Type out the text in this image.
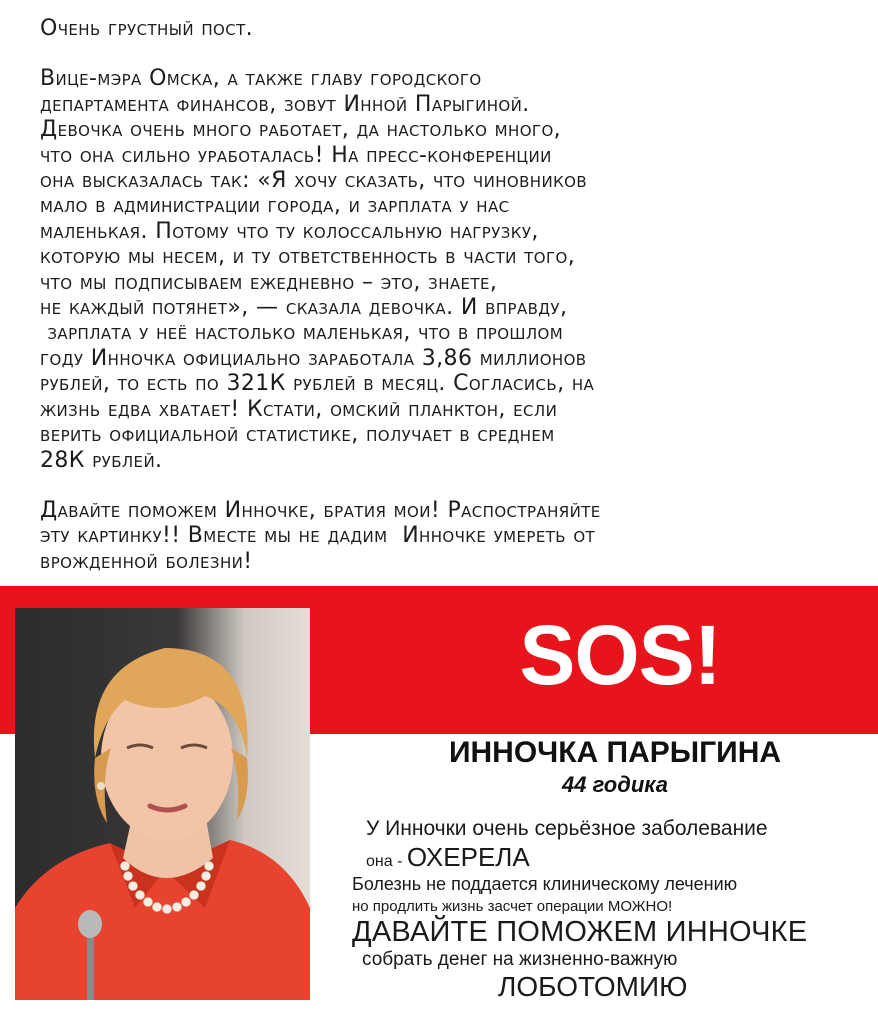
Очень грустный пост.
Вице-мэра Омска, а также главу городского
департамента финансов, зовут Инной Парыгиной.
Девочка очень много работает, да настолько много,
что она сильно уработалась! На пресс-конференции
она высказалась так: «Я хочу сказать, что чиновников
мало в администрации города, и зарплата у нас
маленькая. Потому что ту колоссальную нагрузку,
которую мы несем, и ту ответственность в части того,
что мы подписываем ежедневно – это, знаете,
не каждый потянет», — сказала девочка. И вправду,
зарплата у неё настолько маленькая, что в прошлом
году Инночка официально заработала 3,86 миллионов
рублей, то есть по 321К рублей в месяц. Согласись, на
жизнь едва хватает! Кстати, омский планктон, если
верить официальной статистике, получает в среднем
28К рублей.
Давайте поможем Инночке, братия мои! Распостраняйте
эту картинку!! Вместе мы не дадим  Инночке умереть от
врожденной болезни!
SOS!
ИННОЧКА ПАРЫГИНА
44 годика
У Инночки очень серьёзное заболевание
она - ОХЕРЕЛА
Болезнь не поддается клиническому лечению
но продлить жизнь засчет операции МОЖНО!
ДАВАЙТЕ ПОМОЖЕМ ИННОЧКЕ
собрать денег на жизненно-важную
ЛОБОТОМИЮ
